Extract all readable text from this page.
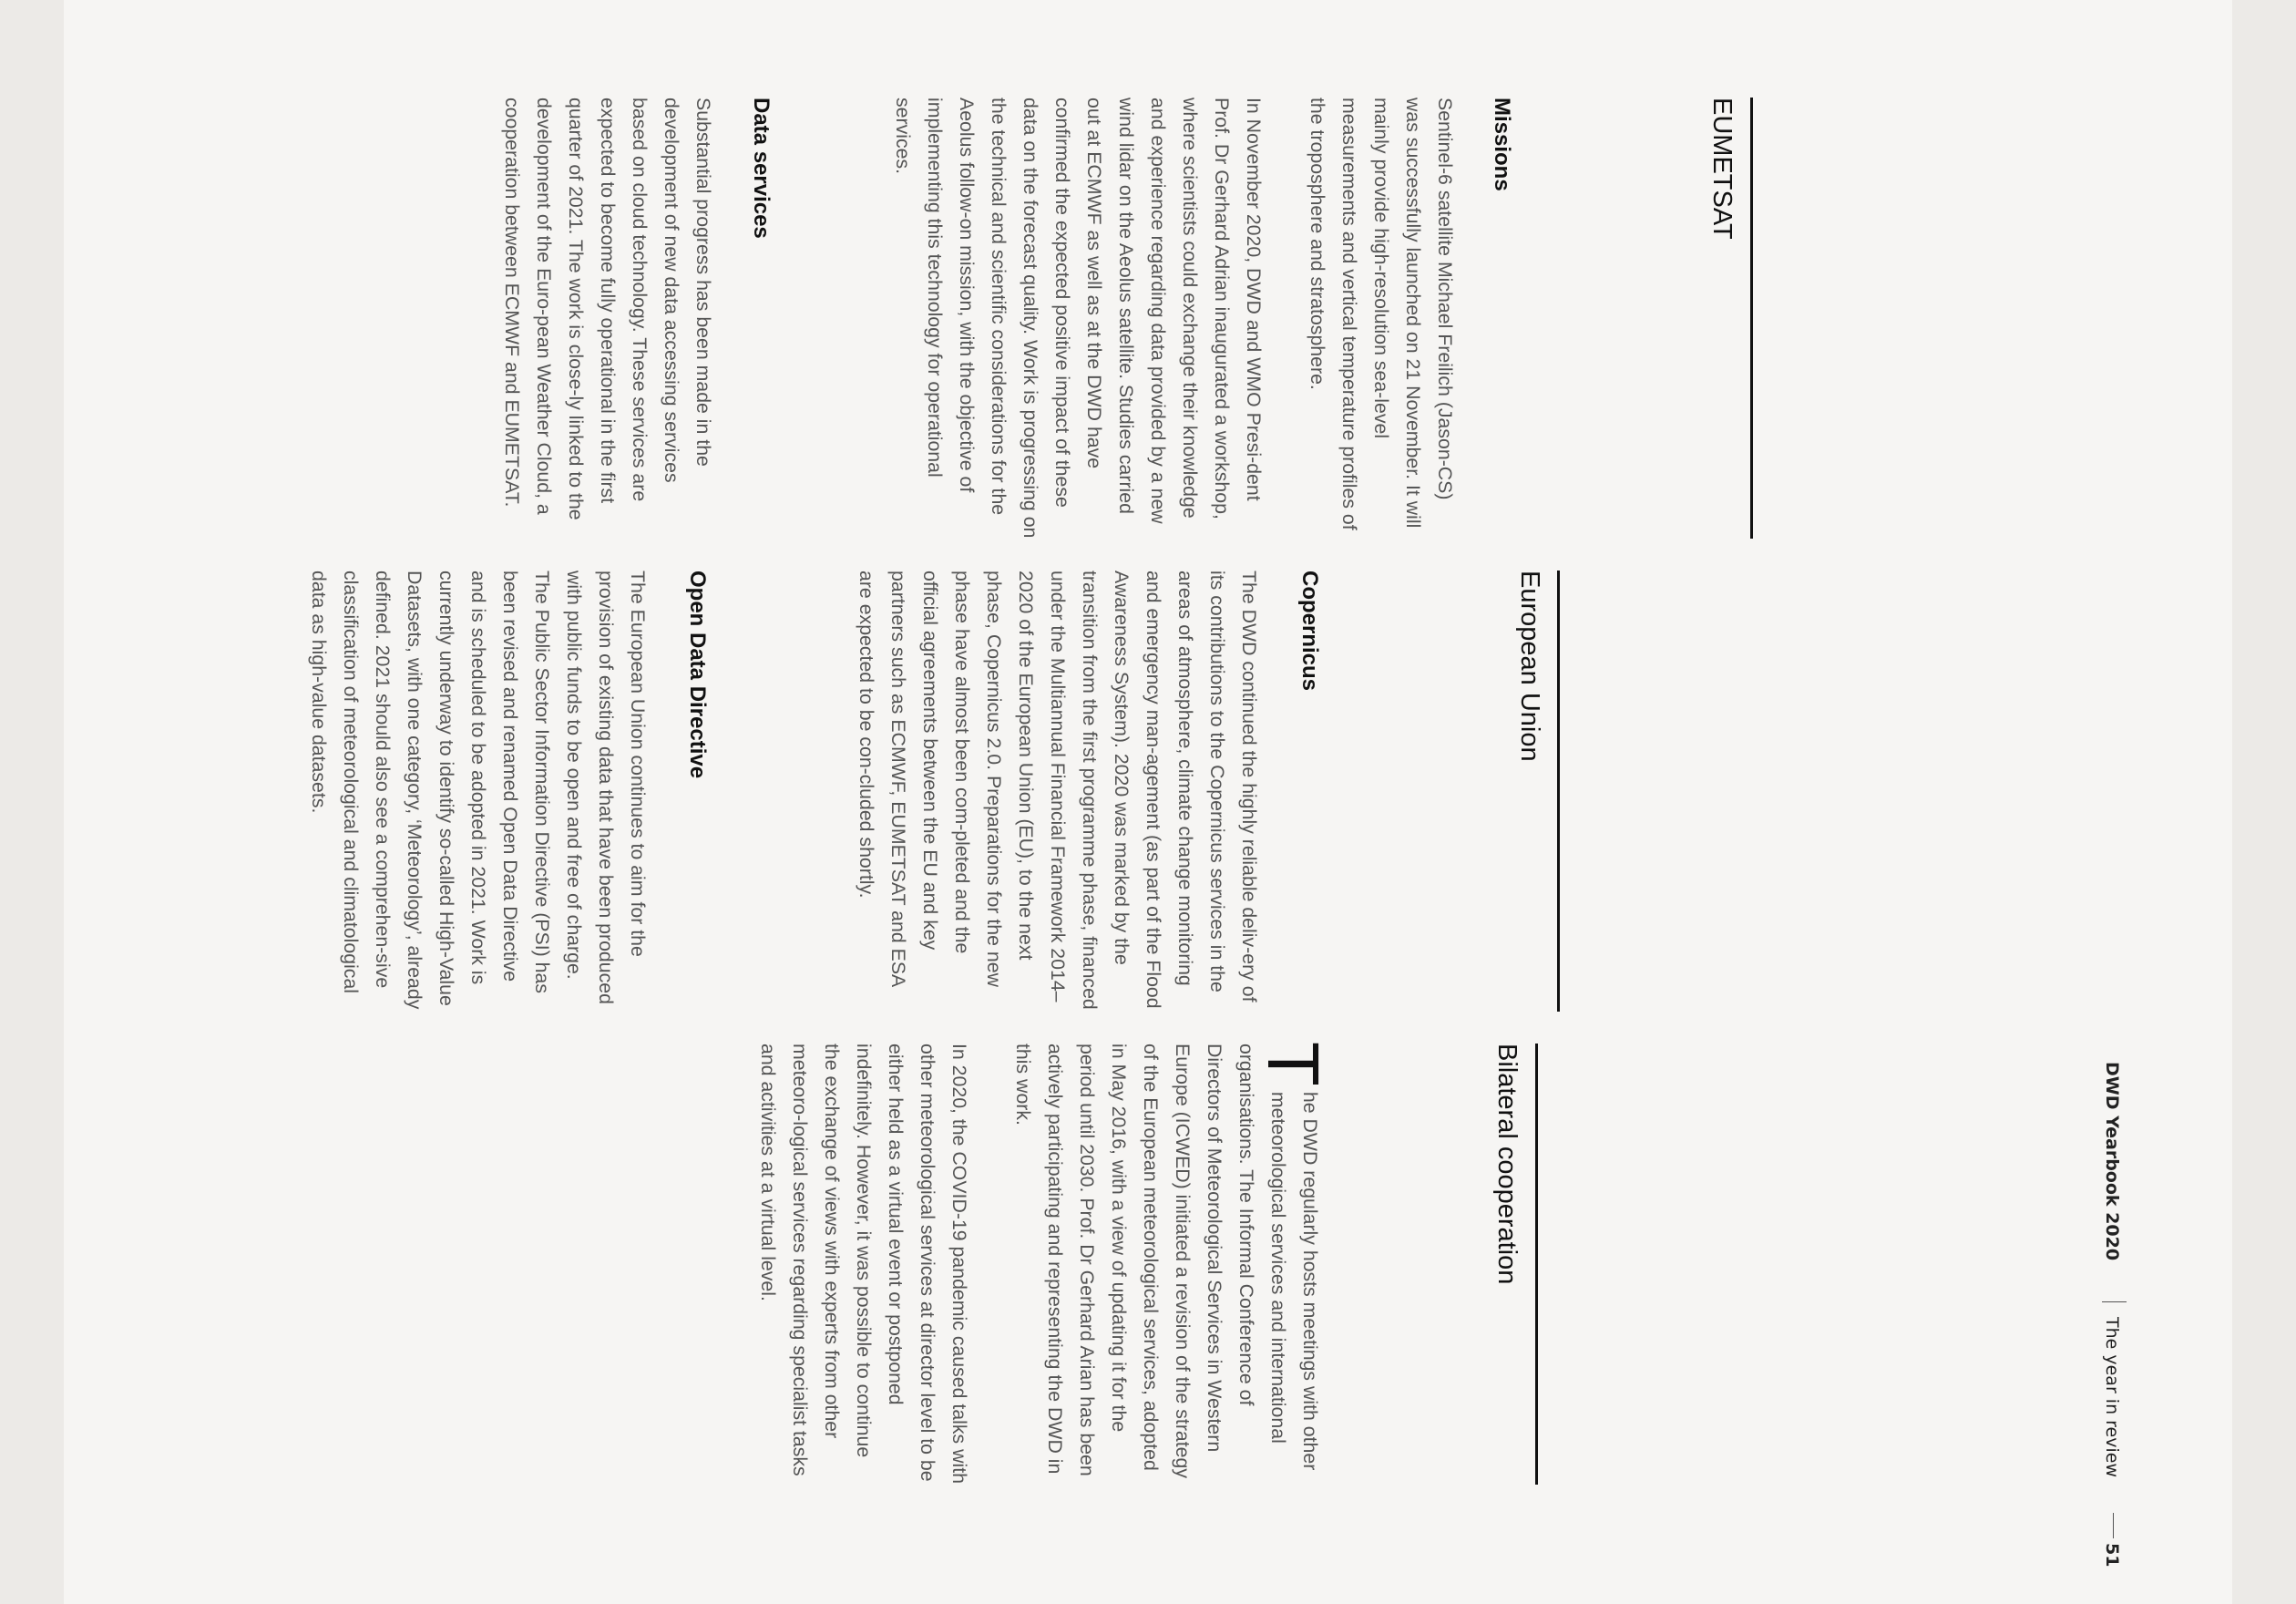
DWD Yearbook 2020
The year in review
51
Bilateral cooperation

T
he DWD regularly hosts meetings with other meteorological services and international organisations. The Informal Conference of Directors of Meteorological Services in Western Europe (ICWED) initiated a revision of the strategy of the European meteorological services, adopted in May 2016, with a view of updating it for the period until 2030. Prof. Dr Gerhard Arian has been actively participating and representing the DWD in this work.

In 2020, the COVID-19 pandemic caused talks with other meteorological services at director level to be either held as a virtual event or postponed indefinitely. However, it was possible to continue the exchange of views with experts from other meteoro-logical services regarding specialist tasks and activities at a virtual level.

European Union
Copernicus
The DWD continued the highly reliable deliv-ery of its contributions to the Copernicus services in the areas of atmosphere, climate change monitoring and emergency man-agement (as part of the Flood Awareness System). 2020 was marked by the transition from the first programme phase, financed under the Multiannual Financial Framework 2014–2020 of the European Union (EU), to the next phase, Copernicus 2.0. Preparations for the new phase have almost been com-pleted and the official agreements between the EU and key partners such as ECMWF, EUMETSAT and ESA are expected to be con-cluded shortly.
Open Data Directive
The European Union continues to aim for the provision of existing data that have been produced with public funds to be open and free of charge. The Public Sector Information Directive (PSI) has been revised and renamed Open Data Directive and is scheduled to be adopted in 2021. Work is currently underway to identify so-called High-Value Datasets, with one category, ‘Meteorology’, already defined. 2021 should also see a comprehen-sive classification of meteorological and climatological data as high-value datasets.
EUMETSAT
Missions

Sentinel-6 satellite Michael Freilich (Jason-CS) was successfully launched on 21 November. It will mainly provide high-resolution sea-level measurements and vertical temperature profiles of the troposphere and stratosphere.

In November 2020, DWD and WMO Presi-dent Prof. Dr Gerhard Adrian inaugurated a workshop, where scientists could exchange their knowledge and experience regarding data provided by a new wind lidar on the Aeolus satellite. Studies carried out at ECMWF as well as at the DWD have confirmed the expected positive impact of these data on the forecast quality. Work is progressing on the technical and scientific considerations for the Aeolus follow-on mission, with the objective of implementing this technology for operational services.

Data services
Substantial progress has been made in the development of new data accessing services based on cloud technology. These services are expected to become fully operational in the first quarter of 2021. The work is close-ly linked to the development of the Euro-pean Weather Cloud, a cooperation between ECMWF and EUMETSAT.
